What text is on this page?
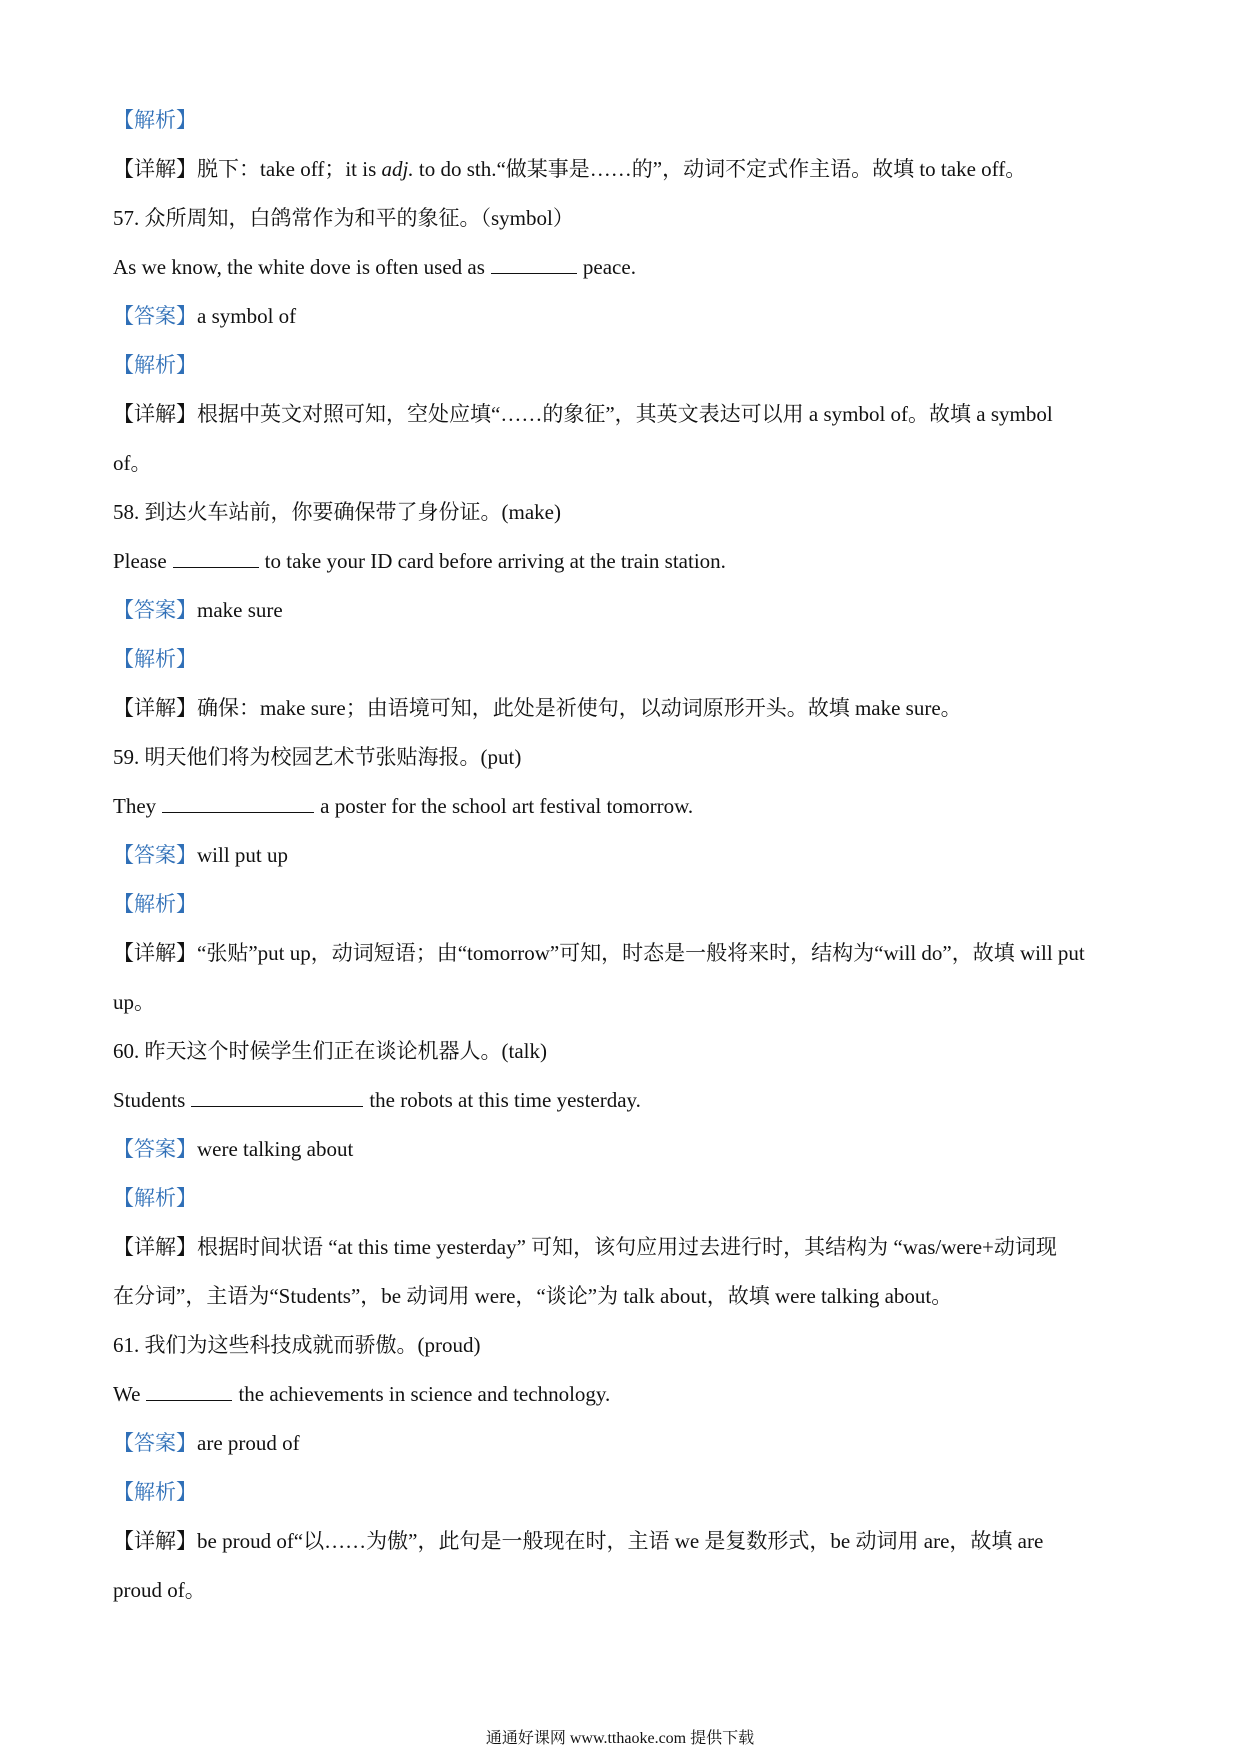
【解析】
【详解】脱下：take off；it is adj. to do sth.“做某事是……的”，动词不定式作主语。故填 to take off。
57. 众所周知，白鸽常作为和平的象征。（symbol）
As we know, the white dove is often used as	peace.
【答案】a symbol of
【解析】
【详解】根据中英文对照可知，空处应填“……的象征”，其英文表达可以用 a symbol of。故填 a symbol
of。
58. 到达火车站前，你要确保带了身份证。(make)
Please	to take your ID card before arriving at the train station.
【答案】make sure
【解析】
【详解】确保：make sure；由语境可知，此处是祈使句，以动词原形开头。故填 make sure。
59. 明天他们将为校园艺术节张贴海报。(put)
They	a poster for the school art festival tomorrow.
【答案】will put up
【解析】
【详解】“张贴”put up，动词短语；由“tomorrow”可知，时态是一般将来时，结构为“will do”，故填 will put
up。
60. 昨天这个时候学生们正在谈论机器人。(talk)
Students	the robots at this time yesterday.
【答案】were talking about
【解析】
【详解】根据时间状语 “at this time yesterday” 可知，该句应用过去进行时，其结构为 “was/were+动词现
在分词”，主语为“Students”，be 动词用 were，“谈论”为 talk about，故填 were talking about。
61. 我们为这些科技成就而骄傲。(proud)
We	the achievements in science and technology.
【答案】are proud of
【解析】
【详解】be proud of“以……为傲”，此句是一般现在时，主语 we 是复数形式，be 动词用 are，故填 are
proud of。
通通好课网 www.tthaoke.com 提供下载
